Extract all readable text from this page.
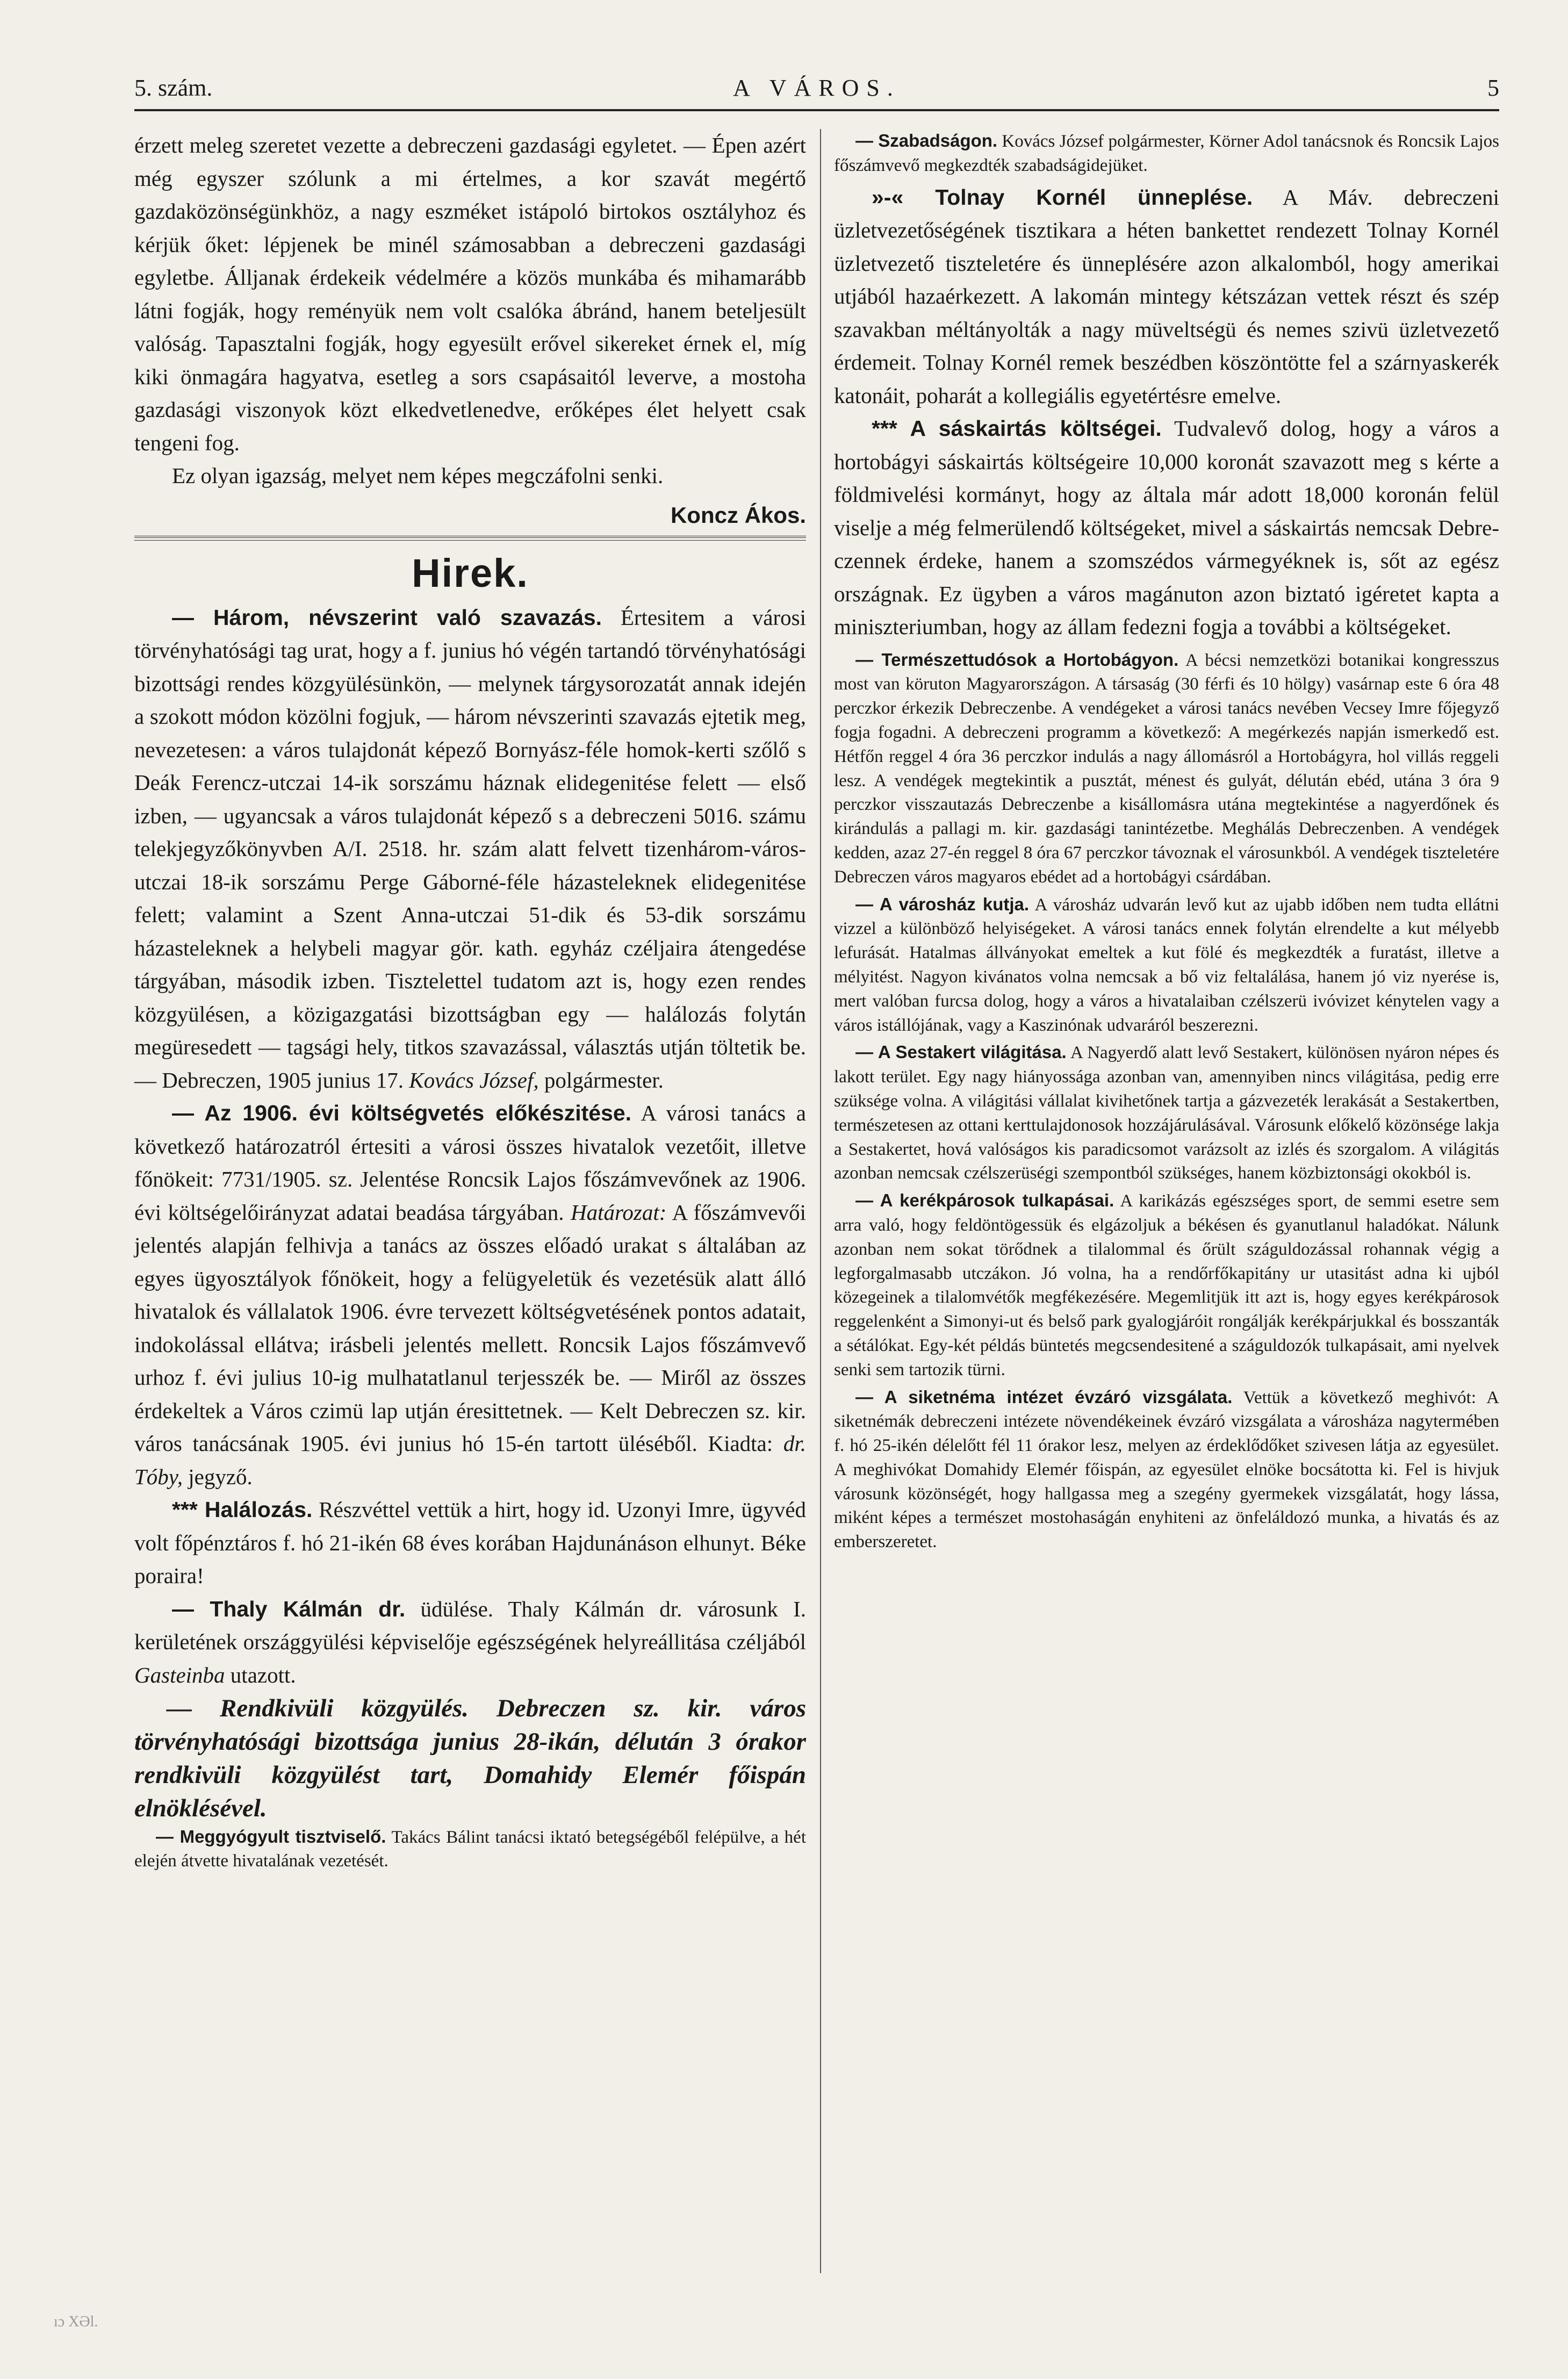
5. szám.	A VÁROS.	5

érzett meleg szeretet vezette a debreczeni gazdasági egyletet. — Épen azért még egyszer szólunk a mi értelmes, a kor szavát megértő gazdaközönségünkhöz, a nagy eszméket istápoló birtokos osztályhoz és kérjük őket: lépjenek be minél számosabban a debreczeni gazdasági egyletbe. Álljanak érdekeik védelmére a közös munkába és mihamarább látni fogják, hogy reményük nem volt csalóka ábránd, hanem beteljesült valóság. Tapasztalni fogják, hogy egyesült erővel sikereket érnek el, míg kiki önmagára hagyatva, esetleg a sors csapásaitól leverve, a mostoha gazdasági viszonyok közt elkedvetlenedve, erőképes élet helyett csak tengeni fog.

Ez olyan igazság, melyet nem képes megczáfolni senki.

Koncz Ákos.
Hirek.

— Három, névszerint való szavazás. Értesitem a városi törvényhatósági tag urat, hogy a f. junius hó végén tartandó törvényhatósági bizottsági rendes közgyülésünkön, — melynek tárgysorozatát annak idején a szokott módon közölni fogjuk, — három névszerinti szavazás ejtetik meg, nevezetesen: a város tulajdonát képező Bornyász-féle homok-kerti szőlő s Deák Ferencz-utczai 14-ik sorszámu háznak elidegenitése felett — első izben, — ugyancsak a város tulajdonát képező s a debreczeni 5016. számu telekjegyzőkönyvben A/I. 2518. hr. szám alatt felvett tizenhárom-város-utczai 18-ik sorszámu Perge Gáborné-féle házasteleknek elidegenitése felett; valamint a Szent Anna-utczai 51-dik és 53-dik sorszámu házasteleknek a helybeli magyar gör. kath. egyház czéljaira átengedése tárgyában, második izben. Tisztelettel tudatom azt is, hogy ezen rendes közgyülésen, a közigazgatási bizottságban egy — halálozás folytán megüresedett — tagsági hely, titkos szavazással, választás utján töltetik be. — Debreczen, 1905 junius 17. Kovács József, polgármester.

— Az 1906. évi költségvetés előkészitése. A városi tanács a következő határozatról értesiti a városi összes hivatalok vezetőit, illetve főnökeit: 7731/1905. sz. Jelentése Roncsik Lajos főszámvevőnek az 1906. évi költségelőirányzat adatai beadása tárgyában. Határozat: A főszámvevői jelentés alapján felhivja a tanács az összes előadó urakat s általában az egyes ügyosztályok főnökeit, hogy a felügyeletük és vezetésük alatt álló hivatalok és vállalatok 1906. évre tervezett költségvetésének pontos adatait, indokolással ellátva; irásbeli jelentés mellett. Roncsik Lajos főszámvevő urhoz f. évi julius 10-ig mulhatatlanul terjesszék be. — Miről az összes érdekeltek a Város czimü lap utján éresittetnek. — Kelt Debreczen sz. kir. város tanácsának 1905. évi junius hó 15-én tartott üléséből. Kiadta: dr. Tóby, jegyző.

*** Halálozás. Részvéttel vettük a hirt, hogy id. Uzonyi Imre, ügyvéd volt főpénztáros f. hó 21-ikén 68 éves korában Hajdunánáson elhunyt. Béke poraira!

— Thaly Kálmán dr. üdülése. Thaly Kálmán dr. városunk I. kerületének országgyülési képviselője egészségének helyreállitása czéljából Gasteinba utazott.

— Rendkivüli közgyülés. Debreczen sz. kir. város törvényhatósági bizottsága junius 28-ikán, délután 3 órakor rendkivüli közgyülést tart, Domahidy Elemér főispán elnöklésével.

— Meggyógyult tisztviselő. Takács Bálint tanácsi iktató betegségéből felépülve, a hét elején átvette hivatalának vezetését.

— Szabadságon. Kovács József polgármester, Körner Adol tanácsnok és Roncsik Lajos főszámvevő megkezdték szabadságidejüket.

»-« Tolnay Kornél ünneplése. A Máv. debreczeni üzletvezetőségének tisztikara a héten bankettet rendezett Tolnay Kornél üzletvezető tiszteletére és ünneplésére azon alkalomból, hogy amerikai utjából hazaérkezett. A lakomán mintegy kétszázan vettek részt és szép szavakban méltányolták a nagy müveltségü és nemes szivü üzletvezető érdemeit. Tolnay Kornél remek beszédben köszöntötte fel a szárnyaskerék katonáit, poharát a kollegiális egyetértésre emelve.

*** A sáskairtás költségei. Tudvalevő dolog, hogy a város a hortobágyi sáskairtás költségeire 10,000 koronát szavazott meg s kérte a földmivelési kormányt, hogy az általa már adott 18,000 koronán felül viselje a még felmerülendő költségeket, mivel a sáskairtás nemcsak Debreczennek érdeke, hanem a szomszédos vármegyéknek is, sőt az egész országnak. Ez ügyben a város magánuton azon biztató igéretet kapta a miniszteriumban, hogy az állam fedezni fogja a további a költségeket.

— Természettudósok a Hortobágyon. A bécsi nemzetközi botanikai kongresszus most van köruton Magyarországon. A társaság (30 férfi és 10 hölgy) vasárnap este 6 óra 48 perczkor érkezik Debreczenbe. A vendégeket a városi tanács nevében Vecsey Imre főjegyző fogja fogadni. A debreczeni programm a következő: A megérkezés napján ismerkedő est. Hétfőn reggel 4 óra 36 perczkor indulás a nagy állomásról a Hortobágyra, hol villás reggeli lesz. A vendégek megtekintik a pusztát, ménest és gulyát, délután ebéd, utána 3 óra 9 perczkor visszautazás Debreczenbe a kisállomásra utána megtekintése a nagyerdőnek és kirándulás a pallagi m. kir. gazdasági tanintézetbe. Meghálás Debreczenben. A vendégek kedden, azaz 27-én reggel 8 óra 67 perczkor távoznak el városunkból. A vendégek tiszteletére Debreczen város magyaros ebédet ad a hortobágyi csárdában.

— A városház kutja. A városház udvarán levő kut az ujabb időben nem tudta ellátni vizzel a különböző helyiségeket. A városi tanács ennek folytán elrendelte a kut mélyebb lefurását. Hatalmas állványokat emeltek a kut fölé és megkezdték a furatást, illetve a mélyitést. Nagyon kivánatos volna nemcsak a bő viz feltalálása, hanem jó viz nyerése is, mert valóban furcsa dolog, hogy a város a hivatalaiban czélszerü ivóvizet kénytelen vagy a város istállójának, vagy a Kaszinónak udvaráról beszerezni.

— A Sestakert világitása. A Nagyerdő alatt levő Sestakert, különösen nyáron népes és lakott terület. Egy nagy hiányossága azonban van, amennyiben nincs világitása, pedig erre szüksége volna. A világitási vállalat kivihetőnek tartja a gázvezeték lerakását a Sestakertben, természetesen az ottani kerttulajdonosok hozzájárulásával. Városunk előkelő közönsége lakja a Sestakertet, hová valóságos kis paradicsomot varázsolt az izlés és szorgalom. A világitás azonban nemcsak czélszerüségi szempontból szükséges, hanem közbiztonsági okokból is.

— A kerékpárosok tulkapásai. A karikázás egészséges sport, de semmi esetre sem arra való, hogy feldöntögessük és elgázoljuk a békésen és gyanutlanul haladókat. Nálunk azonban nem sokat törődnek a tilalommal és őrült száguldozással rohannak végig a legforgalmasabb utczákon. Jó volna, ha a rendőrfőkapitány ur utasitást adna ki ujból közegeinek a tilalomvétők megfékezésére. Megemlitjük itt azt is, hogy egyes kerékpárosok reggelenként a Simonyi-ut és belső park gyalogjáróit rongálják kerékpárjukkal és bosszanták a sétálókat. Egy-két példás büntetés megcsendesitené a száguldozók tulkapásait, ami nyelvek senki sem tartozik türni.

— A siketnéma intézet évzáró vizsgálata. Vettük a következő meghivót: A siketnémák debreczeni intézete növendékeinek évzáró vizsgálata a városháza nagytermében f. hó 25-ikén délelőtt fél 11 órakor lesz, melyen az érdeklődőket szivesen látja az egyesület. A meghivókat Domahidy Elemér főispán, az egyesület elnöke bocsátotta ki. Fel is hivjuk városunk közönségét, hogy hallgassa meg a szegény gyermekek vizsgálatát, hogy lássa, miként képes a természet mostohaságán enyhiteni az önfeláldozó munka, a hivatás és az emberszeretet.

ıɔ XƏl.
